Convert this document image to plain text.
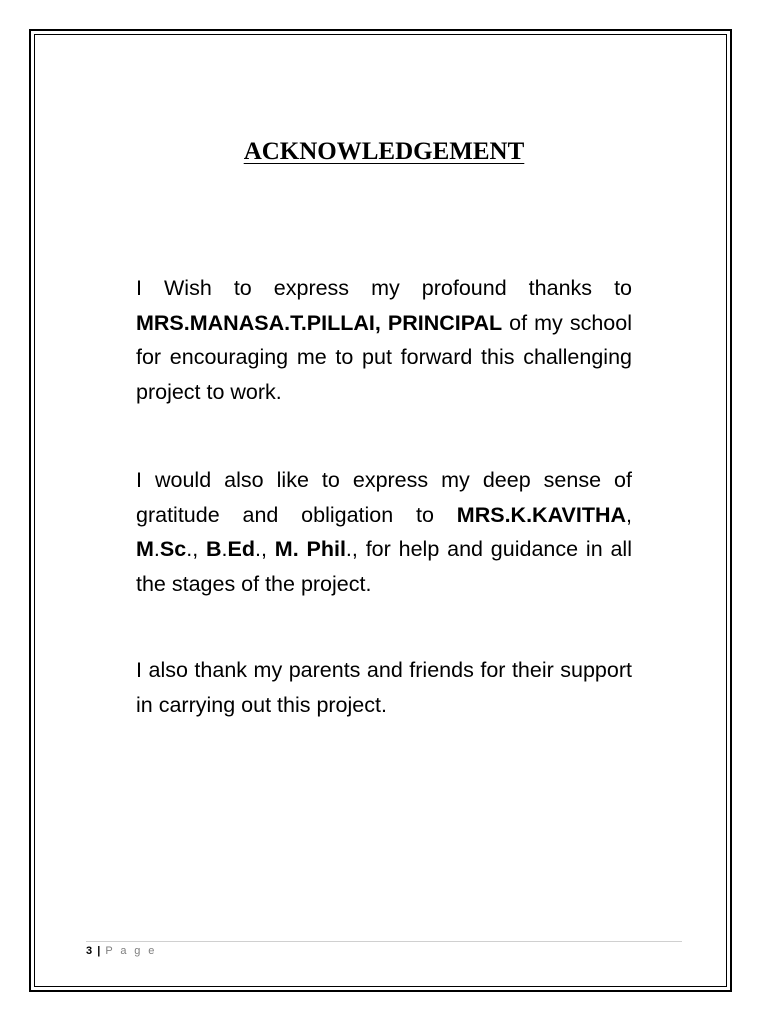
ACKNOWLEDGEMENT

I Wish to express my profound thanks to MRS.MANASA.T.PILLAI, PRINCIPAL of my school for encouraging me to put forward this challenging project to work.

I would also like to express my deep sense of gratitude and obligation to MRS.K.KAVITHA, M.Sc., B.Ed., M. Phil., for help and guidance in all the stages of the project.

I also thank my parents and friends for their support in carrying out this project.

3 | P a g e
